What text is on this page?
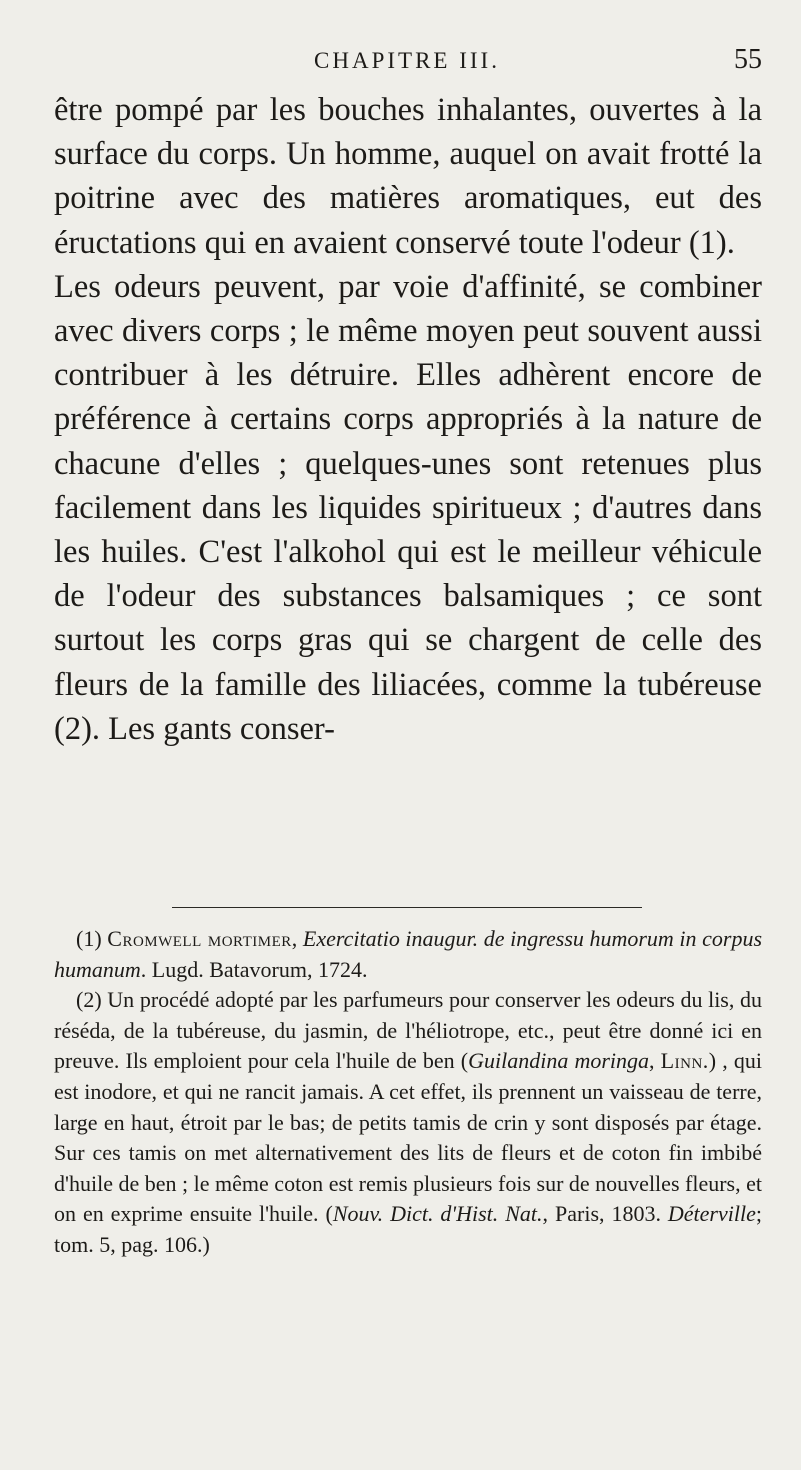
CHAPITRE III.	55

être pompé par les bouches inhalantes, ouvertes à la surface du corps. Un homme, auquel on avait frotté la poitrine avec des matières aromatiques, eut des éructations qui en avaient conservé toute l'odeur (1).

Les odeurs peuvent, par voie d'affinité, se combiner avec divers corps ; le même moyen peut souvent aussi contribuer à les détruire. Elles adhèrent encore de préférence à certains corps appropriés à la nature de chacune d'elles ; quelques-unes sont retenues plus facilement dans les liquides spiritueux ; d'autres dans les huiles. C'est l'alkohol qui est le meilleur véhicule de l'odeur des substances balsamiques ; ce sont surtout les corps gras qui se chargent de celle des fleurs de la famille des liliacées, comme la tubéreuse (2). Les gants conser-

(1) Cromwell mortimer, Exercitatio inaugur. de ingressu humorum in corpus humanum. Lugd. Batavorum, 1724.

(2) Un procédé adopté par les parfumeurs pour conserver les odeurs du lis, du réséda, de la tubéreuse, du jasmin, de l'héliotrope, etc., peut être donné ici en preuve. Ils emploient pour cela l'huile de ben (Guilandina moringa, Linn.) , qui est inodore, et qui ne rancit jamais. A cet effet, ils prennent un vaisseau de terre, large en haut, étroit par le bas; de petits tamis de crin y sont disposés par étage. Sur ces tamis on met alternativement des lits de fleurs et de coton fin imbibé d'huile de ben ; le même coton est remis plusieurs fois sur de nouvelles fleurs, et on en exprime ensuite l'huile. (Nouv. Dict. d'Hist. Nat., Paris, 1803. Déterville; tom. 5, pag. 106.)
